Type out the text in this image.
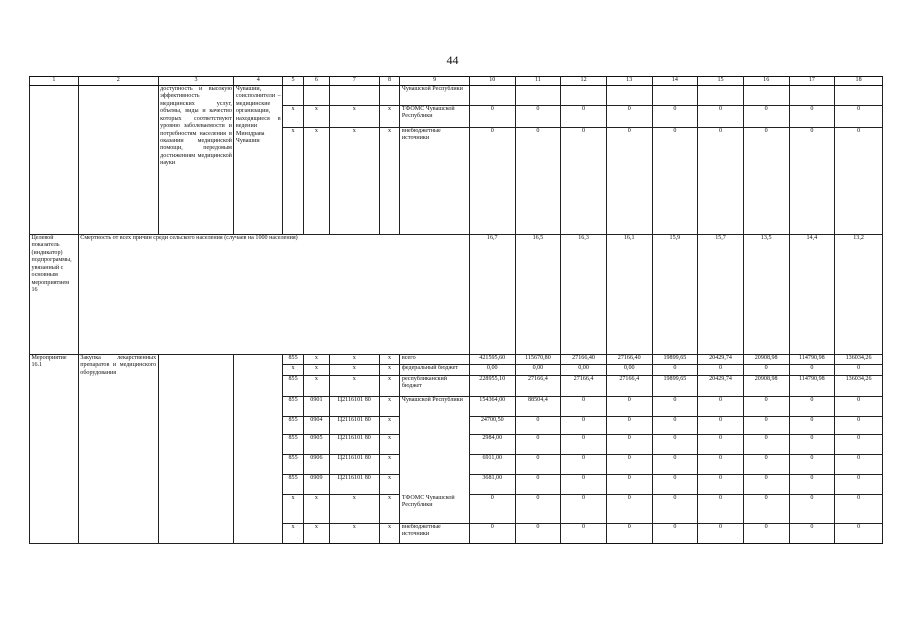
44
1	2	3	4	5	6	7	8	9	10	11	12	13	14	15	16	17	18
		доступность и высокую эффективность медицинских услуг, объемы, виды и качество которых соответствуют уровню заболеваемости и потребностям населения в оказании медицинской помощи, передовым достижениям медицинской науки	Чувашии, соисполнители – медицинские организации, находящиеся в ведении Минздрава Чувашии					Чувашской Республики									
				х	х	х	х	ТФОМС Чувашской Республики	0	0	0	0	0	0	0	0	0
				х	х	х	х	внебюджетные источники	0	0	0	0	0	0	0	0	0
Целевой показатель (индикатор) подпрограммы, увязанный с основным мероприятием 16	Смертность от всех причин среди сельского населения (случаев на 1000 населения)								16,7	16,5	16,3	16,1	15,9	15,7	13,5	14,4	13,2
Мероприятие 16.1	Закупка лекарственных препаратов и медицинского оборудования			855	х	х	х	всего	421595,60	115670,80	27166,40	27166,40	19899,65	20429,74	20908,98	114790,98	136034,26
				х	х	х	х	федеральный бюджет	0,00	0,00	0,00	0,00	0	0	0	0	0
				855	х	х	х	республиканский бюджет	228955,10	27166,4	27166,4	27166,4	19899,65	20429,74	20908,98	114790,98	136034,26
				855	0901	Ц2116101 80	х	Чувашской Республики	154364,00	88504,4	0	0	0	0	0	0	0
				855	0904	Ц2116101 80	х		24700,50	0	0	0	0	0	0	0	0
				855	0905	Ц2116101 80	х		2984,00	0	0	0	0	0	0	0	0
				855	0906	Ц2116101 80	х		6911,00	0	0	0	0	0	0	0	0
				855	0909	Ц2116101 80	х		3681,00	0	0	0	0	0	0	0	0
				х	х	х	х	ТФОМС Чувашской Республики	0	0	0	0	0	0	0	0	0
				х	х	х	х	внебюджетные источники	0	0	0	0	0	0	0	0	0
